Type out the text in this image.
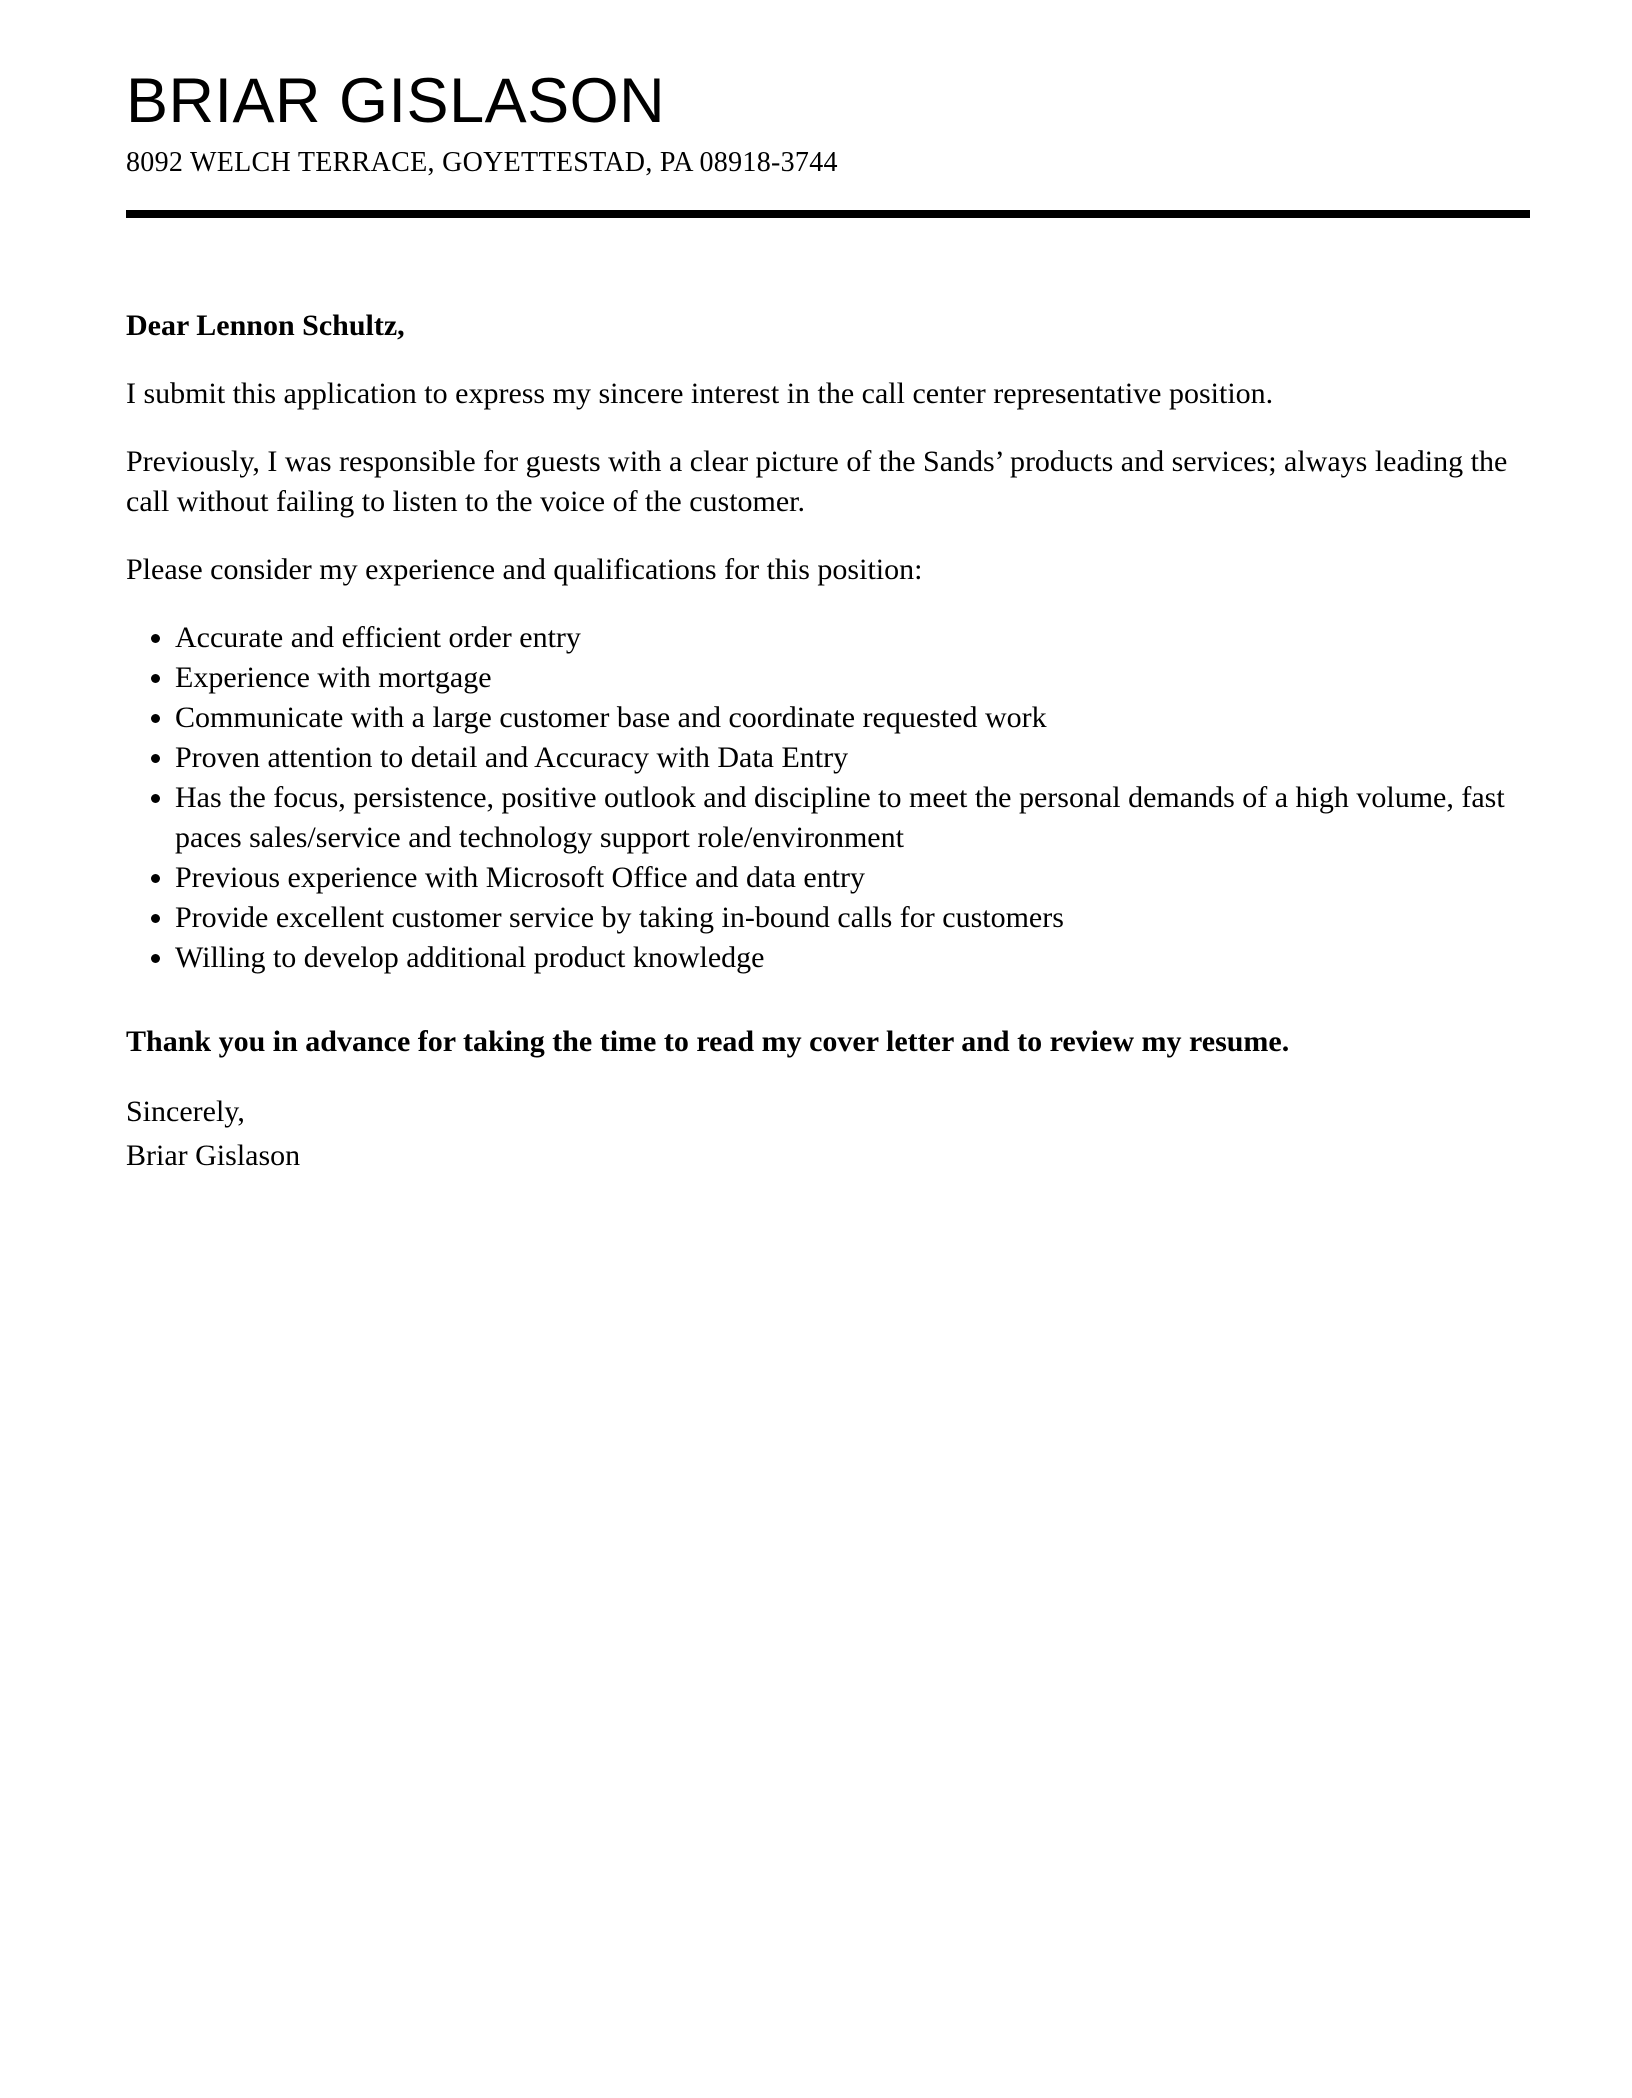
BRIAR GISLASON

8092 WELCH TERRACE, GOYETTESTAD, PA 08918-3744

Dear Lennon Schultz,

I submit this application to express my sincere interest in the call center representative position.

Previously, I was responsible for guests with a clear picture of the Sands’ products and services; always leading the call without failing to listen to the voice of the customer.

Please consider my experience and qualifications for this position:

• Accurate and efficient order entry
• Experience with mortgage
• Communicate with a large customer base and coordinate requested work
• Proven attention to detail and Accuracy with Data Entry
• Has the focus, persistence, positive outlook and discipline to meet the personal demands of a high volume, fast paces sales/service and technology support role/environment
• Previous experience with Microsoft Office and data entry
• Provide excellent customer service by taking in-bound calls for customers
• Willing to develop additional product knowledge

Thank you in advance for taking the time to read my cover letter and to review my resume.

Sincerely,
Briar Gislason
